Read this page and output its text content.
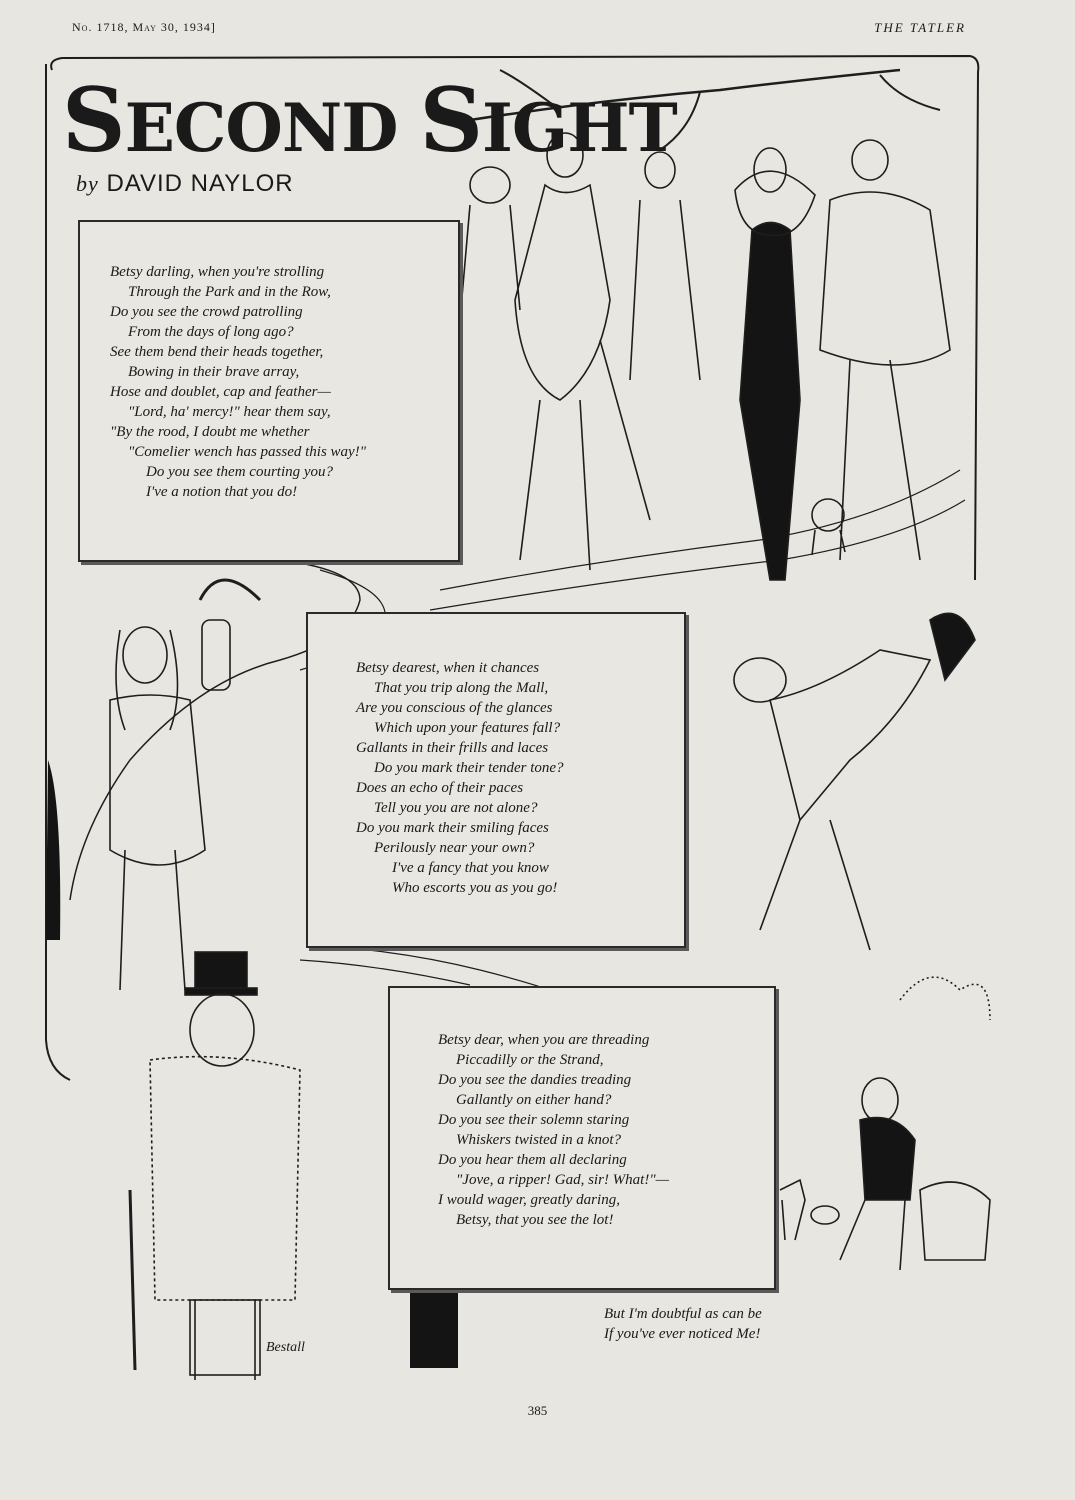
No. 1718, May 30, 1934]	THE TATLER
SECOND SIGHT
by DAVID NAYLOR
Betsy darling, when you're strolling
Through the Park and in the Row,
Do you see the crowd patrolling
From the days of long ago?
See them bend their heads together,
Bowing in their brave array,
Hose and doublet, cap and feather—
"Lord, ha' mercy!" hear them say,
"By the rood, I doubt me whether
"Comelier wench has passed this way!"
Do you see them courting you?
I've a notion that you do!
Betsy dearest, when it chances
That you trip along the Mall,
Are you conscious of the glances
Which upon your features fall?
Gallants in their frills and laces
Do you mark their tender tone?
Does an echo of their paces
Tell you you are not alone?
Do you mark their smiling faces
Perilously near your own?
I've a fancy that you know
Who escorts you as you go!
Betsy dear, when you are threading
Piccadilly or the Strand,
Do you see the dandies treading
Gallantly on either hand?
Do you see their solemn staring
Whiskers twisted in a knot?
Do you hear them all declaring
"Jove, a ripper! Gad, sir! What!"—
I would wager, greatly daring,
Betsy, that you see the lot!
But I'm doubtful as can be
If you've ever noticed Me!
Bestall
385
